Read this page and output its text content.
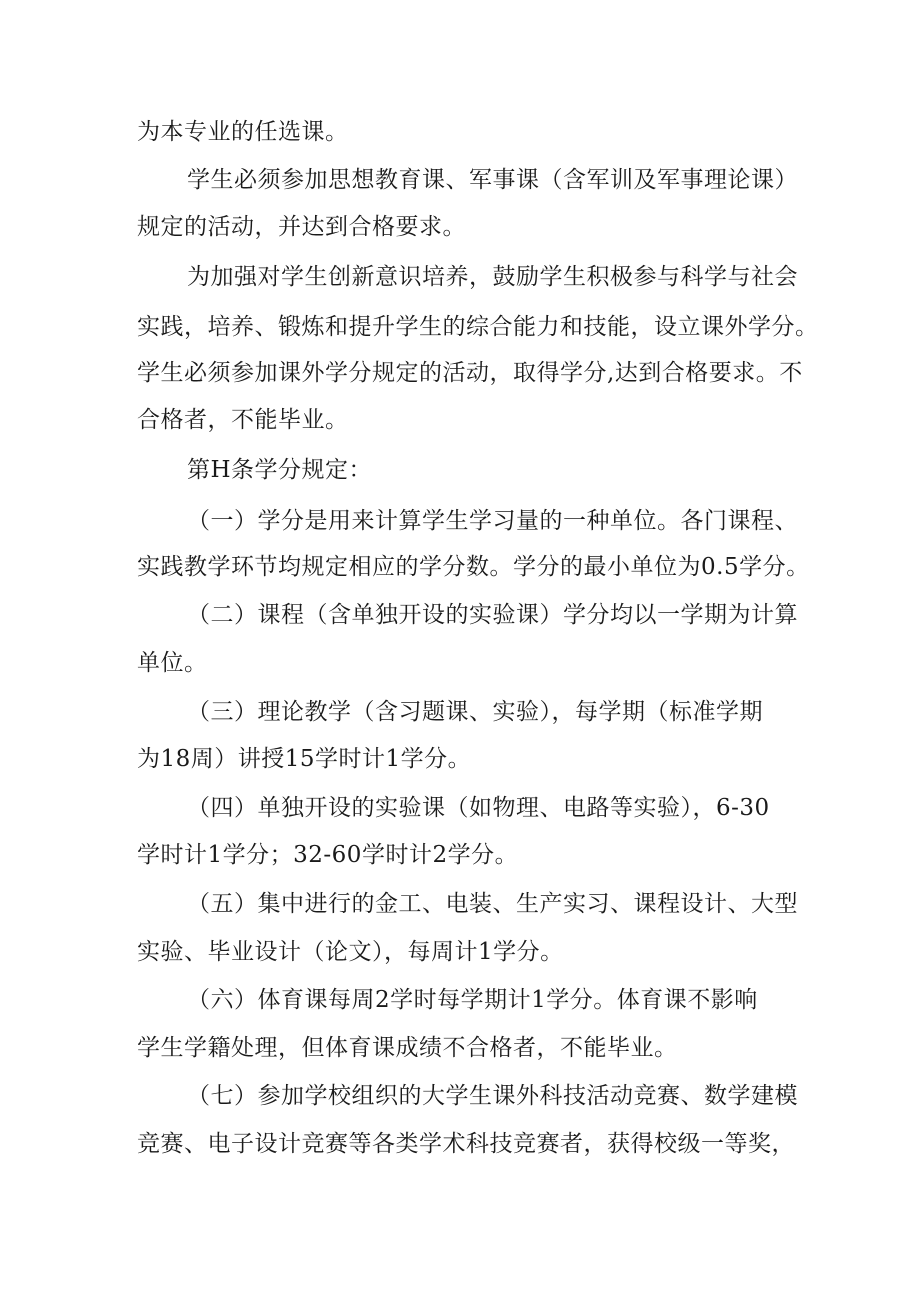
为本专业的任选课。
学生必须参加思想教育课、军事课（含军训及军事理论课）
规定的活动，并达到合格要求。
为加强对学生创新意识培养，鼓励学生积极参与科学与社会
实践，培养、锻炼和提升学生的综合能力和技能，设立课外学分。
学生必须参加课外学分规定的活动，取得学分,达到合格要求。不
合格者，不能毕业。
第H条学分规定：
（一）学分是用来计算学生学习量的一种单位。各门课程、
实践教学环节均规定相应的学分数。学分的最小单位为0.5学分。
（二）课程（含单独开设的实验课）学分均以一学期为计算
单位。
（三）理论教学（含习题课、实验），每学期（标准学期
为18周）讲授15学时计1学分。
（四）单独开设的实验课（如物理、电路等实验），6-30
学时计1学分；32-60学时计2学分。
（五）集中进行的金工、电装、生产实习、课程设计、大型
实验、毕业设计（论文），每周计1学分。
（六）体育课每周2学时每学期计1学分。体育课不影响
学生学籍处理，但体育课成绩不合格者，不能毕业。
（七）参加学校组织的大学生课外科技活动竞赛、数学建模
竞赛、电子设计竞赛等各类学术科技竞赛者，获得校级一等奖，
